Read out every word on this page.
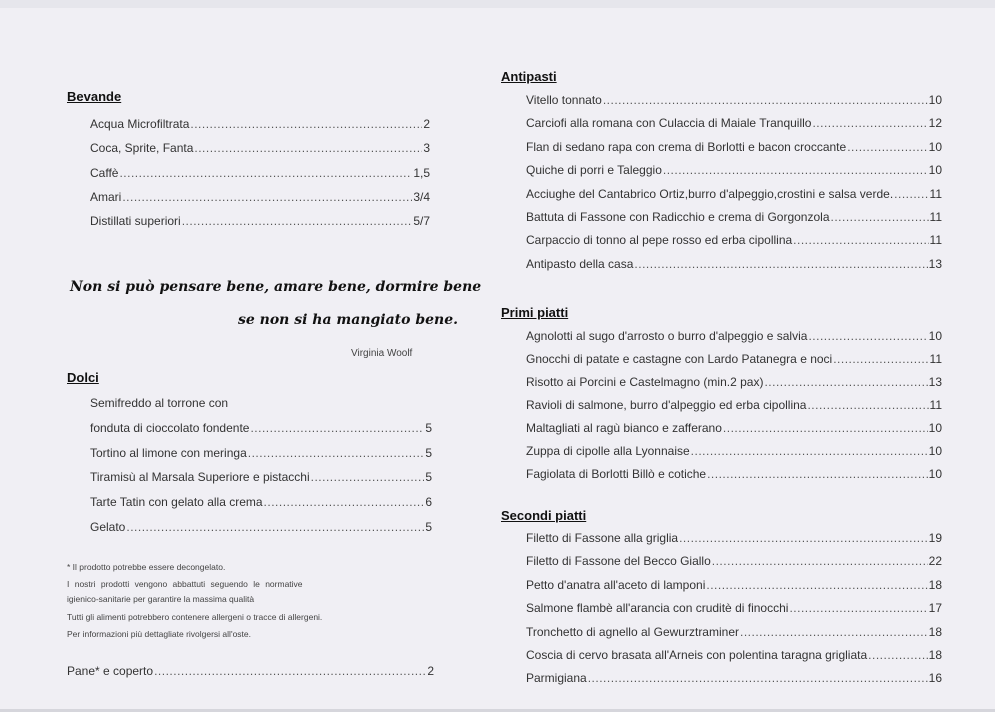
Bevande
Acqua Microfiltrata .....	2
Coca, Sprite, Fanta .....	3
Caffè .....	1,5
Amari .....	3/4
Distillati superiori .....	5/7
Non si può pensare bene, amare bene, dormire bene
se non si ha mangiato bene.
Virginia Woolf
Dolci
Semifreddo al torrone con
fonduta di cioccolato fondente .....	5
Tortino al limone con meringa .....	5
Tiramisù al Marsala Superiore e pistacchi .....	5
Tarte Tatin con gelato alla crema .....	6
Gelato .....	5
* Il prodotto potrebbe essere decongelato.
I nostri prodotti vengono abbattuti seguendo le normative
igienico-sanitarie per garantire la massima qualità
Tutti gli alimenti potrebbero contenere allergeni o tracce di allergeni.
Per informazioni più dettagliate rivolgersi all'oste.
Pane* e coperto .....	2
Antipasti
Vitello tonnato .....	10
Carciofi alla romana con Culaccia di Maiale Tranquillo .....	12
Flan di sedano rapa con crema di Borlotti e bacon croccante .....	10
Quiche di porri e Taleggio .....	10
Acciughe del Cantabrico Ortiz,burro d'alpeggio,crostini e salsa verde. .....	11
Battuta di Fassone con Radicchio e crema di Gorgonzola .....	11
Carpaccio di tonno al pepe rosso ed erba cipollina .....	11
Antipasto della casa .....	13
Primi piatti
Agnolotti al sugo d'arrosto o burro d'alpeggio e salvia .....	10
Gnocchi di patate e castagne con Lardo Patanegra e noci .....	11
Risotto ai Porcini e Castelmagno (min.2 pax) .....	13
Ravioli di salmone, burro d'alpeggio ed erba cipollina .....	11
Maltagliati al ragù bianco e zafferano .....	10
Zuppa di cipolle alla Lyonnaise .....	10
Fagiolata di Borlotti Billò e cotiche .....	10
Secondi piatti
Filetto di Fassone alla griglia .....	19
Filetto di Fassone del Becco Giallo .....	22
Petto d'anatra all'aceto di lamponi .....	18
Salmone flambè all'arancia con cruditè di finocchi .....	17
Tronchetto di agnello al Gewurztraminer .....	18
Coscia di cervo brasata all'Arneis con polentina taragna grigliata .....	18
Parmigiana .....	16
